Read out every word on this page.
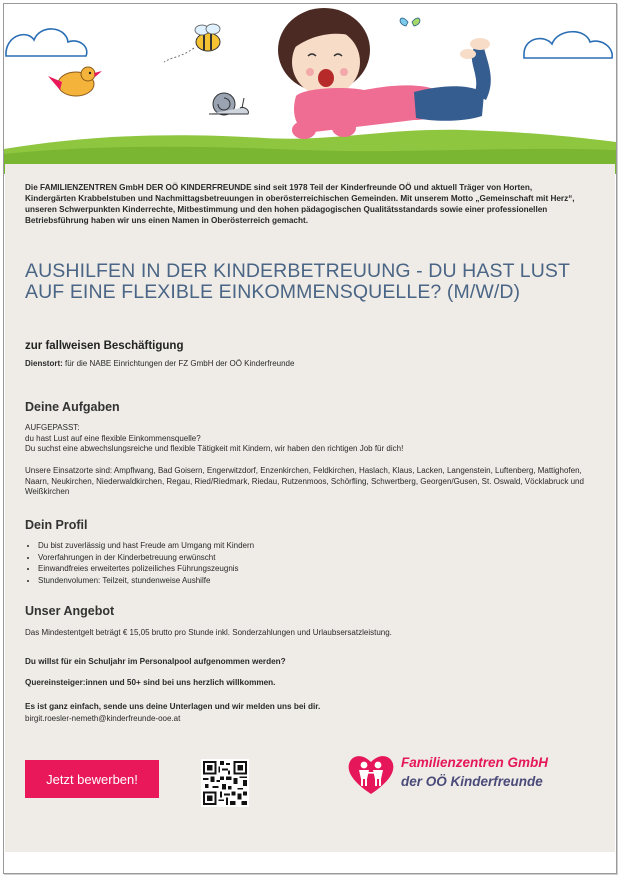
Die FAMILIENZENTREN GmbH DER OÖ KINDERFREUNDE sind seit 1978 Teil der Kinderfreunde OÖ und aktuell Träger von Horten, Kindergärten Krabbelstuben und Nachmittagsbetreuungen in oberösterreichischen Gemeinden. Mit unserem Motto „Gemeinschaft mit Herz“, unseren Schwerpunkten Kinderrechte, Mitbestimmung und den hohen pädagogischen Qualitätsstandards sowie einer professionellen Betriebsführung haben wir uns einen Namen in Oberösterreich gemacht.
AUSHILFEN IN DER KINDERBETREUUNG - DU HAST LUST AUF EINE FLEXIBLE EINKOMMENSQUELLE? (M/W/D)
zur fallweisen Beschäftigung
Dienstort: für die NABE Einrichtungen der FZ GmbH der OÖ Kinderfreunde
Deine Aufgaben

AUFGEPASST:

du hast Lust auf eine flexible Einkommensquelle?

Du suchst eine abwechslungsreiche und flexible Tätigkeit mit Kindern, wir haben den richtigen Job für dich!

Unsere Einsatzorte sind: Ampflwang, Bad Goisern, Engerwitzdorf, Enzenkirchen, Feldkirchen, Haslach, Klaus, Lacken, Langenstein, Luftenberg, Mattighofen, Naarn, Neukirchen, Niederwaldkirchen, Regau, Ried/Riedmark, Riedau, Rutzenmoos, Schörfling, Schwertberg, Georgen/Gusen, St. Oswald, Vöcklabruck und Weißkirchen
Dein Profil
• Du bist zuverlässig und hast Freude am Umgang mit Kindern
• Vorerfahrungen in der Kinderbetreuung erwünscht
• Einwandfreies erweitertes polizeiliches Führungszeugnis
• Stundenvolumen: Teilzeit, stundenweise Aushilfe
Unser Angebot
Das Mindestentgelt beträgt € 15,05 brutto pro Stunde inkl. Sonderzahlungen und Urlaubsersatzleistung.
Du willst für ein Schuljahr im Personalpool aufgenommen werden?
Quereinsteiger:innen und 50+ sind bei uns herzlich willkommen.
Es ist ganz einfach, sende uns deine Unterlagen und wir melden uns bei dir.
birgit.roesler-nemeth@kinderfreunde-ooe.at
Jetzt bewerben!
Familienzentren GmbH
der OÖ Kinderfreunde
